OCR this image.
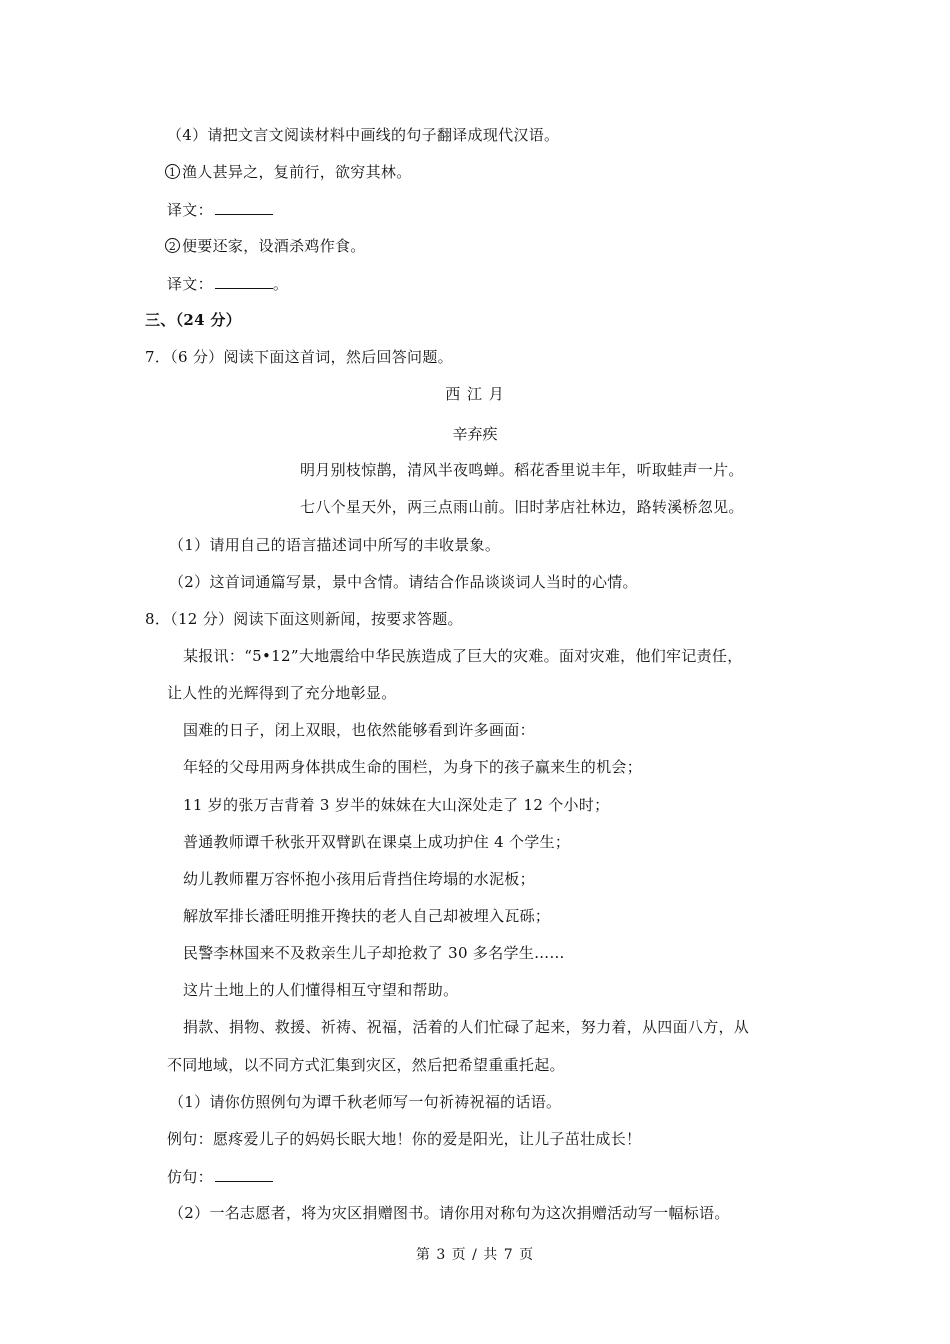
（4）请把文言文阅读材料中画线的句子翻译成现代汉语。
1 渔人甚异之，复前行，欲穷其林。
译文：
2 便要还家，设酒杀鸡作食。
译文：	。
三、（24 分）
7．（6 分）阅读下面这首词，然后回答问题。
西 江 月
辛弃疾
明月别枝惊鹊，清风半夜鸣蝉。稻花香里说丰年，听取蛙声一片。
七八个星天外，两三点雨山前。旧时茅店社林边，路转溪桥忽见。
（1）请用自己的语言描述词中所写的丰收景象。
（2）这首词通篇写景，景中含情。请结合作品谈谈词人当时的心情。
8．（12 分）阅读下面这则新闻，按要求答题。
某报讯：“5•12”大地震给中华民族造成了巨大的灾难。面对灾难，他们牢记责任，
让人性的光辉得到了充分地彰显。
国难的日子，闭上双眼，也依然能够看到许多画面：
年轻的父母用两身体拱成生命的围栏，为身下的孩子赢来生的机会；
11 岁的张万吉背着 3 岁半的妹妹在大山深处走了 12 个小时；
普通教师谭千秋张开双臂趴在课桌上成功护住 4 个学生；
幼儿教师瞿万容怀抱小孩用后背挡住垮塌的水泥板；
解放军排长潘旺明推开搀扶的老人自己却被埋入瓦砾；
民警李林国来不及救亲生儿子却抢救了 30 多名学生……
这片土地上的人们懂得相互守望和帮助。
捐款、捐物、救援、祈祷、祝福，活着的人们忙碌了起来，努力着，从四面八方，从
不同地域，以不同方式汇集到灾区，然后把希望重重托起。
（1）请你仿照例句为谭千秋老师写一句祈祷祝福的话语。
例句：愿疼爱儿子的妈妈长眠大地！你的爱是阳光，让儿子茁壮成长！
仿句：
（2）一名志愿者，将为灾区捐赠图书。请你用对称句为这次捐赠活动写一幅标语。
第 3 页 / 共 7 页
